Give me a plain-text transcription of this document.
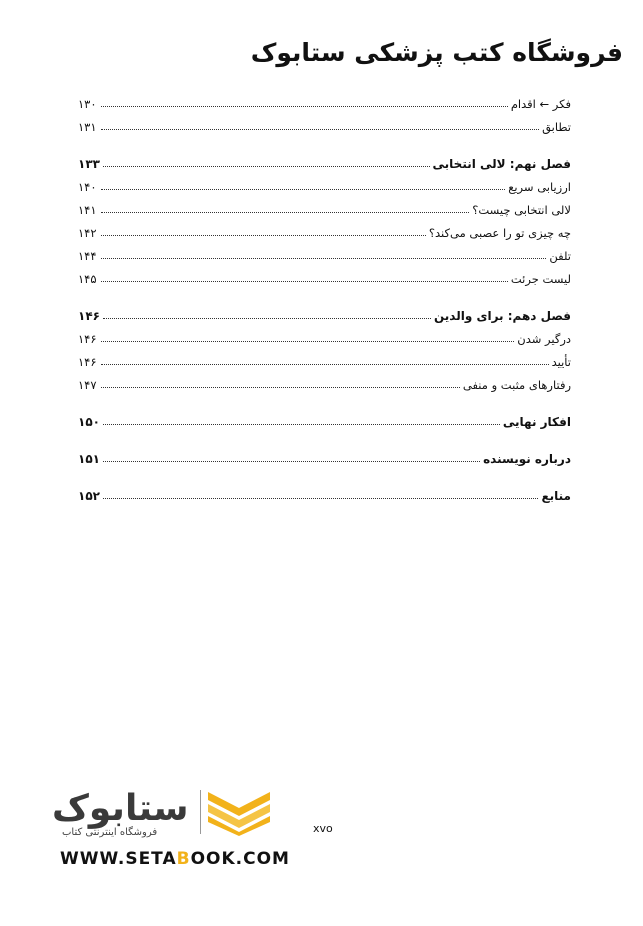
فروشگاه کتب پزشکی ستابوک
فکر ← اقدام
۱۳۰
تطابق
۱۳۱
فصل نهم: لالی انتخابی
۱۳۳
ارزیابی سریع
۱۴۰
لالی انتخابی چیست؟
۱۴۱
چه چیزی تو را عصبی می‌کند؟
۱۴۲
تلفن
۱۴۴
لیست جرئت
۱۴۵
فصل دهم: برای والدین
۱۴۶
درگیر شدن
۱۴۶
تأیید
۱۴۶
رفتارهای مثبت و منفی
۱۴۷
افکار نهایی
۱۵۰
درباره نویسنده
۱۵۱
منابع
۱۵۲
xvo
ستابوک
فروشگاه اینترنتی کتاب
WWW.SETABOOK.COM
